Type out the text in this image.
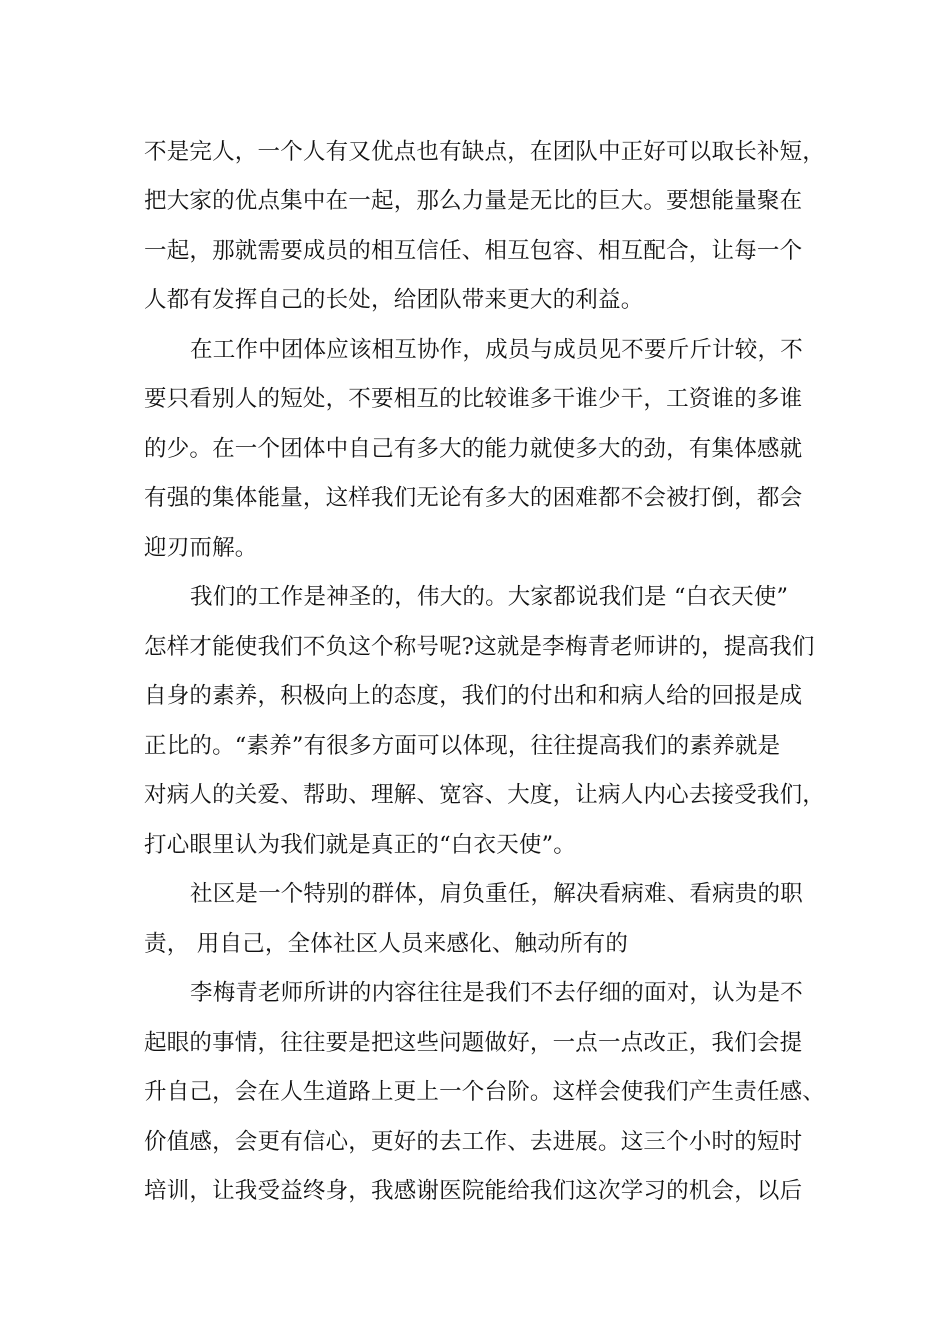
不是完人，一个人有又优点也有缺点，在团队中正好可以取长补短，
把大家的优点集中在一起，那么力量是无比的巨大。要想能量聚在
一起，那就需要成员的相互信任、相互包容、相互配合，让每一个
人都有发挥自己的长处，给团队带来更大的利益。
在工作中团体应该相互协作，成员与成员见不要斤斤计较，不
要只看别人的短处，不要相互的比较谁多干谁少干，工资谁的多谁
的少。在一个团体中自己有多大的能力就使多大的劲，有集体感就
有强的集体能量，这样我们无论有多大的困难都不会被打倒，都会
迎刃而解。
我们的工作是神圣的，伟大的。大家都说我们是 “白衣天使”
怎样才能使我们不负这个称号呢?这就是李梅青老师讲的，提高我们
自身的素养，积极向上的态度，我们的付出和和病人给的回报是成
正比的。“素养”有很多方面可以体现，往往提高我们的素养就是
对病人的关爱、帮助、理解、宽容、大度，让病人内心去接受我们，
打心眼里认为我们就是真正的“白衣天使”。
社区是一个特别的群体，肩负重任，解决看病难、看病贵的职
责， 用自己，全体社区人员来感化、触动所有的
李梅青老师所讲的内容往往是我们不去仔细的面对，认为是不
起眼的事情，往往要是把这些问题做好，一点一点改正，我们会提
升自己，会在人生道路上更上一个台阶。这样会使我们产生责任感、
价值感，会更有信心，更好的去工作、去进展。这三个小时的短时
培训，让我受益终身，我感谢医院能给我们这次学习的机会，以后
